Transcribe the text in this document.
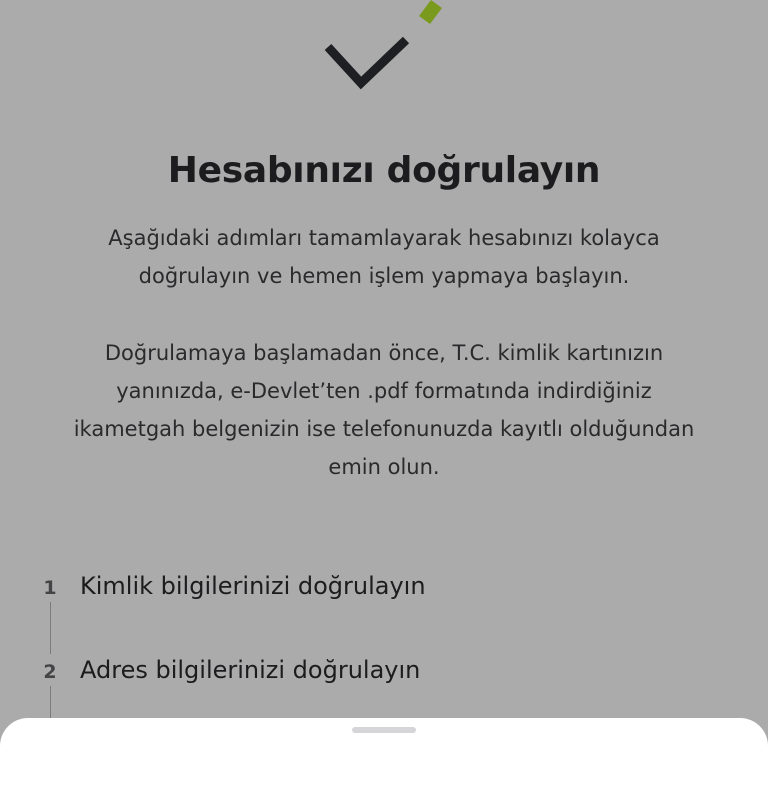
Hesabınızı doğrulayın

Aşağıdaki adımları tamamlayarak hesabınızı kolayca
doğrulayın ve hemen işlem yapmaya başlayın.

Doğrulamaya başlamadan önce, T.C. kimlik kartınızın
yanınızda, e-Devlet’ten .pdf formatında indirdiğiniz
ikametgah belgenizin ise telefonunuzda kayıtlı olduğundan
emin olun.

1 Kimlik bilgilerinizi doğrulayın
2 Adres bilgilerinizi doğrulayın
